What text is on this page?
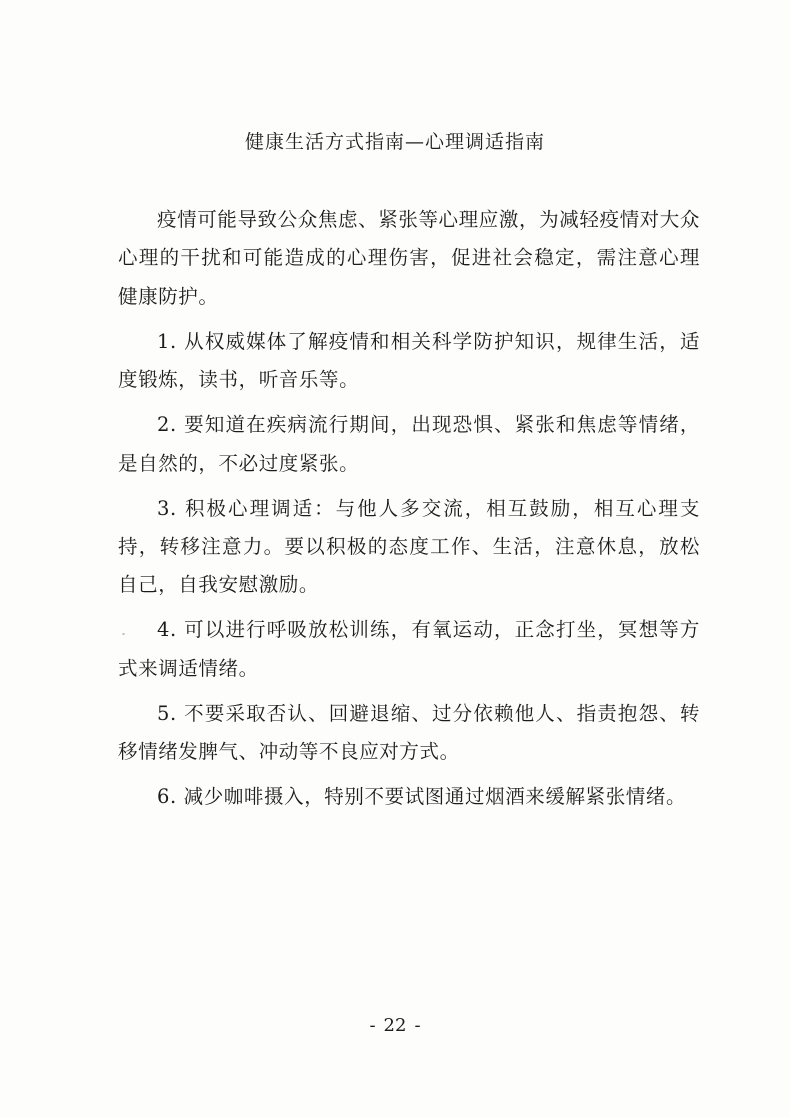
健康生活方式指南—心理调适指南

疫情可能导致公众焦虑、紧张等心理应激，为减轻疫情对大众心理的干扰和可能造成的心理伤害，促进社会稳定，需注意心理健康防护。

1. 从权威媒体了解疫情和相关科学防护知识，规律生活，适度锻炼，读书，听音乐等。

2. 要知道在疾病流行期间，出现恐惧、紧张和焦虑等情绪，是自然的，不必过度紧张。

3. 积极心理调适：与他人多交流，相互鼓励，相互心理支持，转移注意力。要以积极的态度工作、生活，注意休息，放松自己，自我安慰激励。

4. 可以进行呼吸放松训练，有氧运动，正念打坐，冥想等方式来调适情绪。

5. 不要采取否认、回避退缩、过分依赖他人、指责抱怨、转移情绪发脾气、冲动等不良应对方式。

6. 减少咖啡摄入，特别不要试图通过烟酒来缓解紧张情绪。

- 22 -
